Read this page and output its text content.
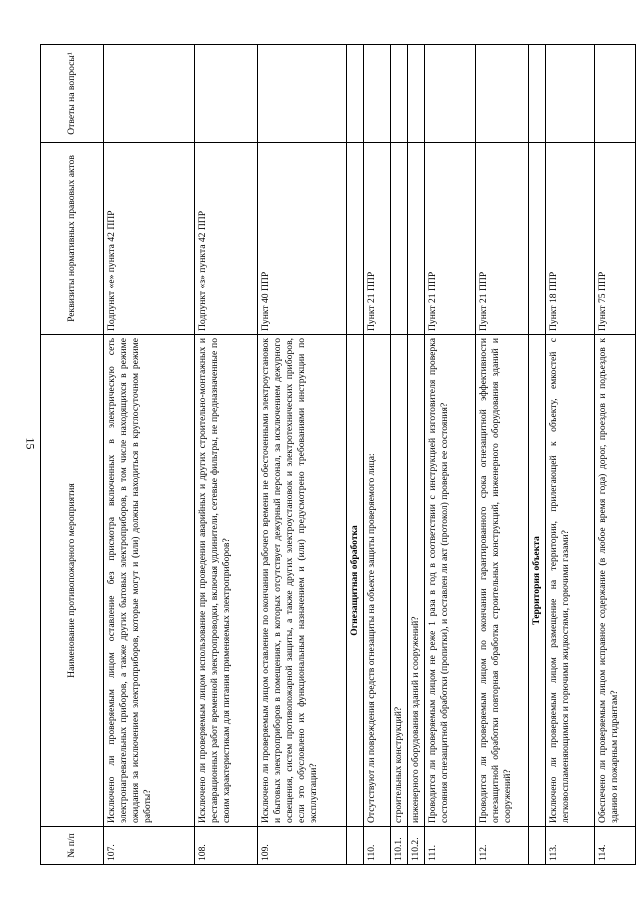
15
№ п/п	Наименование противопожарного мероприятия	Реквизиты нормативных правовых актов	Ответы на вопросы¹
107.	Исключено ли проверяемым лицом оставление без присмотра включенных в электрическую сеть электронагревательных приборов, а также других бытовых электроприборов, в том числе находящихся в режиме ожидания за исключением электроприборов, которые могут и (или) должны находиться в круглосуточном режиме работы?	Подпункт «е» пункта 42 ППР	
108.	Исключено ли проверяемым лицом использование при проведении аварийных и других строительно-монтажных и реставрационных работ временной электропроводки, включая удлинители, сетевые фильтры, не предназначенные по своим характеристикам для питания применяемых электроприборов?	Подпункт «з» пункта 42 ППР	
109.	Исключено ли проверяемым лицом оставление по окончании рабочего времени не обесточенными электроустановок и бытовых электроприборов в помещениях, в которых отсутствует дежурный персонал, за исключением дежурного освещения, систем противопожарной защиты, а также других электроустановок и электротехнических приборов, если это обусловлено их функциональным назначением и (или) предусмотрено требованиями инструкции по эксплуатации?	Пункт 40 ППР	
	Огнезащитная обработка		
110.	Отсутствуют ли повреждения средств огнезащиты на объекте защиты проверяемого лица:	Пункт 21 ППР	
110.1.	строительных конструкций?		
110.2.	инженерного оборудования зданий и сооружений?		
111.	Проводится ли проверяемым лицом не реже 1 раза в год в соответствии с инструкцией изготовителя проверка состояния огнезащитной обработки (пропитки), и составлен ли акт (протокол) проверки ее состояния?	Пункт 21 ППР	
112.	Проводится ли проверяемым лицом по окончании гарантированного срока огнезащитной эффективности огнезащитной обработки повторная обработка строительных конструкций, инженерного оборудования зданий и сооружений?	Пункт 21 ППР	
	Территория объекта		
113.	Исключено ли проверяемым лицом размещение на территории, прилегающей к объекту, емкостей с легковоспламеняющимися и горючими жидкостями, горючими газами?	Пункт 18 ППР	
114.	Обеспечено ли проверяемым лицом исправное содержание (в любое время года) дорог, проездов и подъездов к зданию и пожарным гидрантам?	Пункт 75 ППР	
